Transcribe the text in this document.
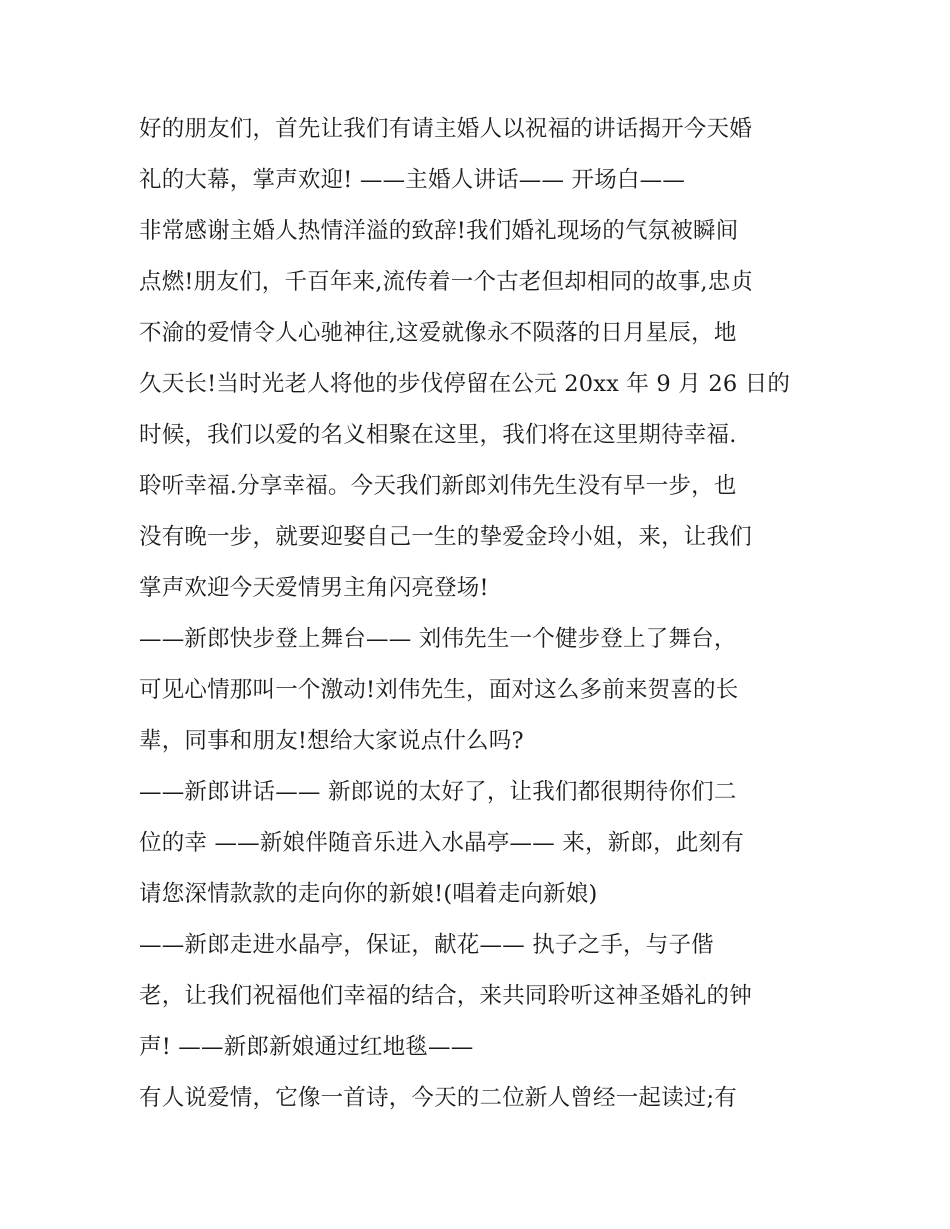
好的朋友们，首先让我们有请主婚人以祝福的讲话揭开今天婚
礼的大幕，掌声欢迎! ——主婚人讲话—— 开场白——
非常感谢主婚人热情洋溢的致辞!我们婚礼现场的气氛被瞬间
点燃!朋友们，千百年来,流传着一个古老但却相同的故事,忠贞
不渝的爱情令人心驰神往,这爱就像永不陨落的日月星辰，地
久天长!当时光老人将他的步伐停留在公元 20xx 年 9 月 26 日的
时候，我们以爱的名义相聚在这里，我们将在这里期待幸福.
聆听幸福.分享幸福。今天我们新郎刘伟先生没有早一步，也
没有晚一步，就要迎娶自己一生的挚爱金玲小姐，来，让我们
掌声欢迎今天爱情男主角闪亮登场!
——新郎快步登上舞台—— 刘伟先生一个健步登上了舞台，
可见心情那叫一个激动!刘伟先生，面对这么多前来贺喜的长
辈，同事和朋友!想给大家说点什么吗?
——新郎讲话—— 新郎说的太好了，让我们都很期待你们二
位的幸 ——新娘伴随音乐进入水晶亭—— 来，新郎，此刻有
请您深情款款的走向你的新娘!(唱着走向新娘)
——新郎走进水晶亭，保证，献花—— 执子之手，与子偕
老，让我们祝福他们幸福的结合，来共同聆听这神圣婚礼的钟
声! ——新郎新娘通过红地毯——
有人说爱情，它像一首诗，今天的二位新人曾经一起读过;有
